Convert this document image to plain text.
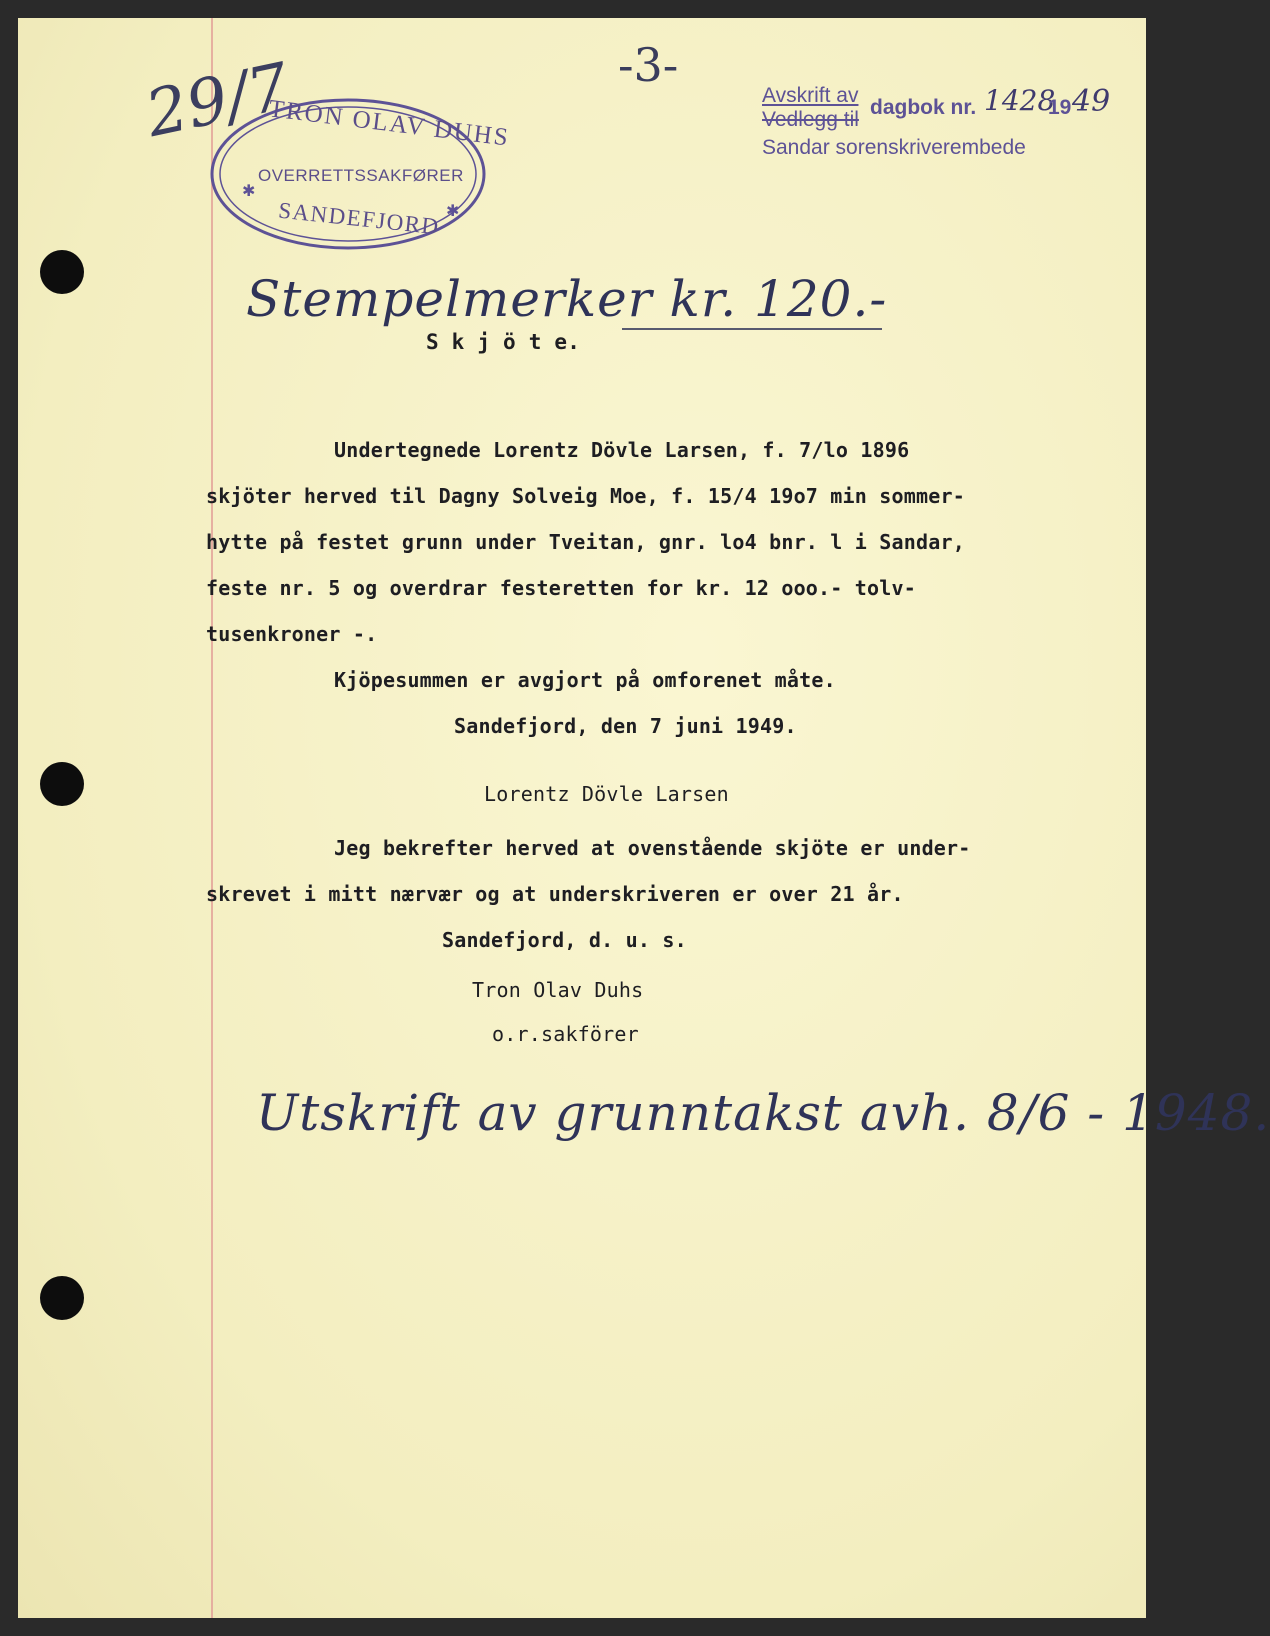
-3-
Avskrift av
Vedlegg til
dagbok nr. 1428
19 49
Sandar sorenskriverembede
29/7
✱
✱
TRON OLAV DUHS
OVERRETTSSAKFØRER
SANDEFJORD
Stempelmerker kr. 120.-
S k j ö t e.
Undertegnede Lorentz Dövle Larsen, f. 7/lo 1896
skjöter herved til Dagny Solveig Moe, f. 15/4 19o7 min sommer-
hytte på festet grunn under Tveitan, gnr. lo4 bnr. l i Sandar,
feste nr. 5 og overdrar festeretten for kr. 12 ooo.- tolv-
tusenkroner -.
Kjöpesummen er avgjort på omforenet måte.
Sandefjord, den 7 juni 1949.
Lorentz Dövle Larsen
Jeg bekrefter herved at ovenstående skjöte er under-
skrevet i mitt nærvær og at underskriveren er over 21 år.
Sandefjord, d. u. s.
Tron Olav Duhs
o.r.sakförer
Utskrift av grunntakst avh. 8/6 - 1948.
